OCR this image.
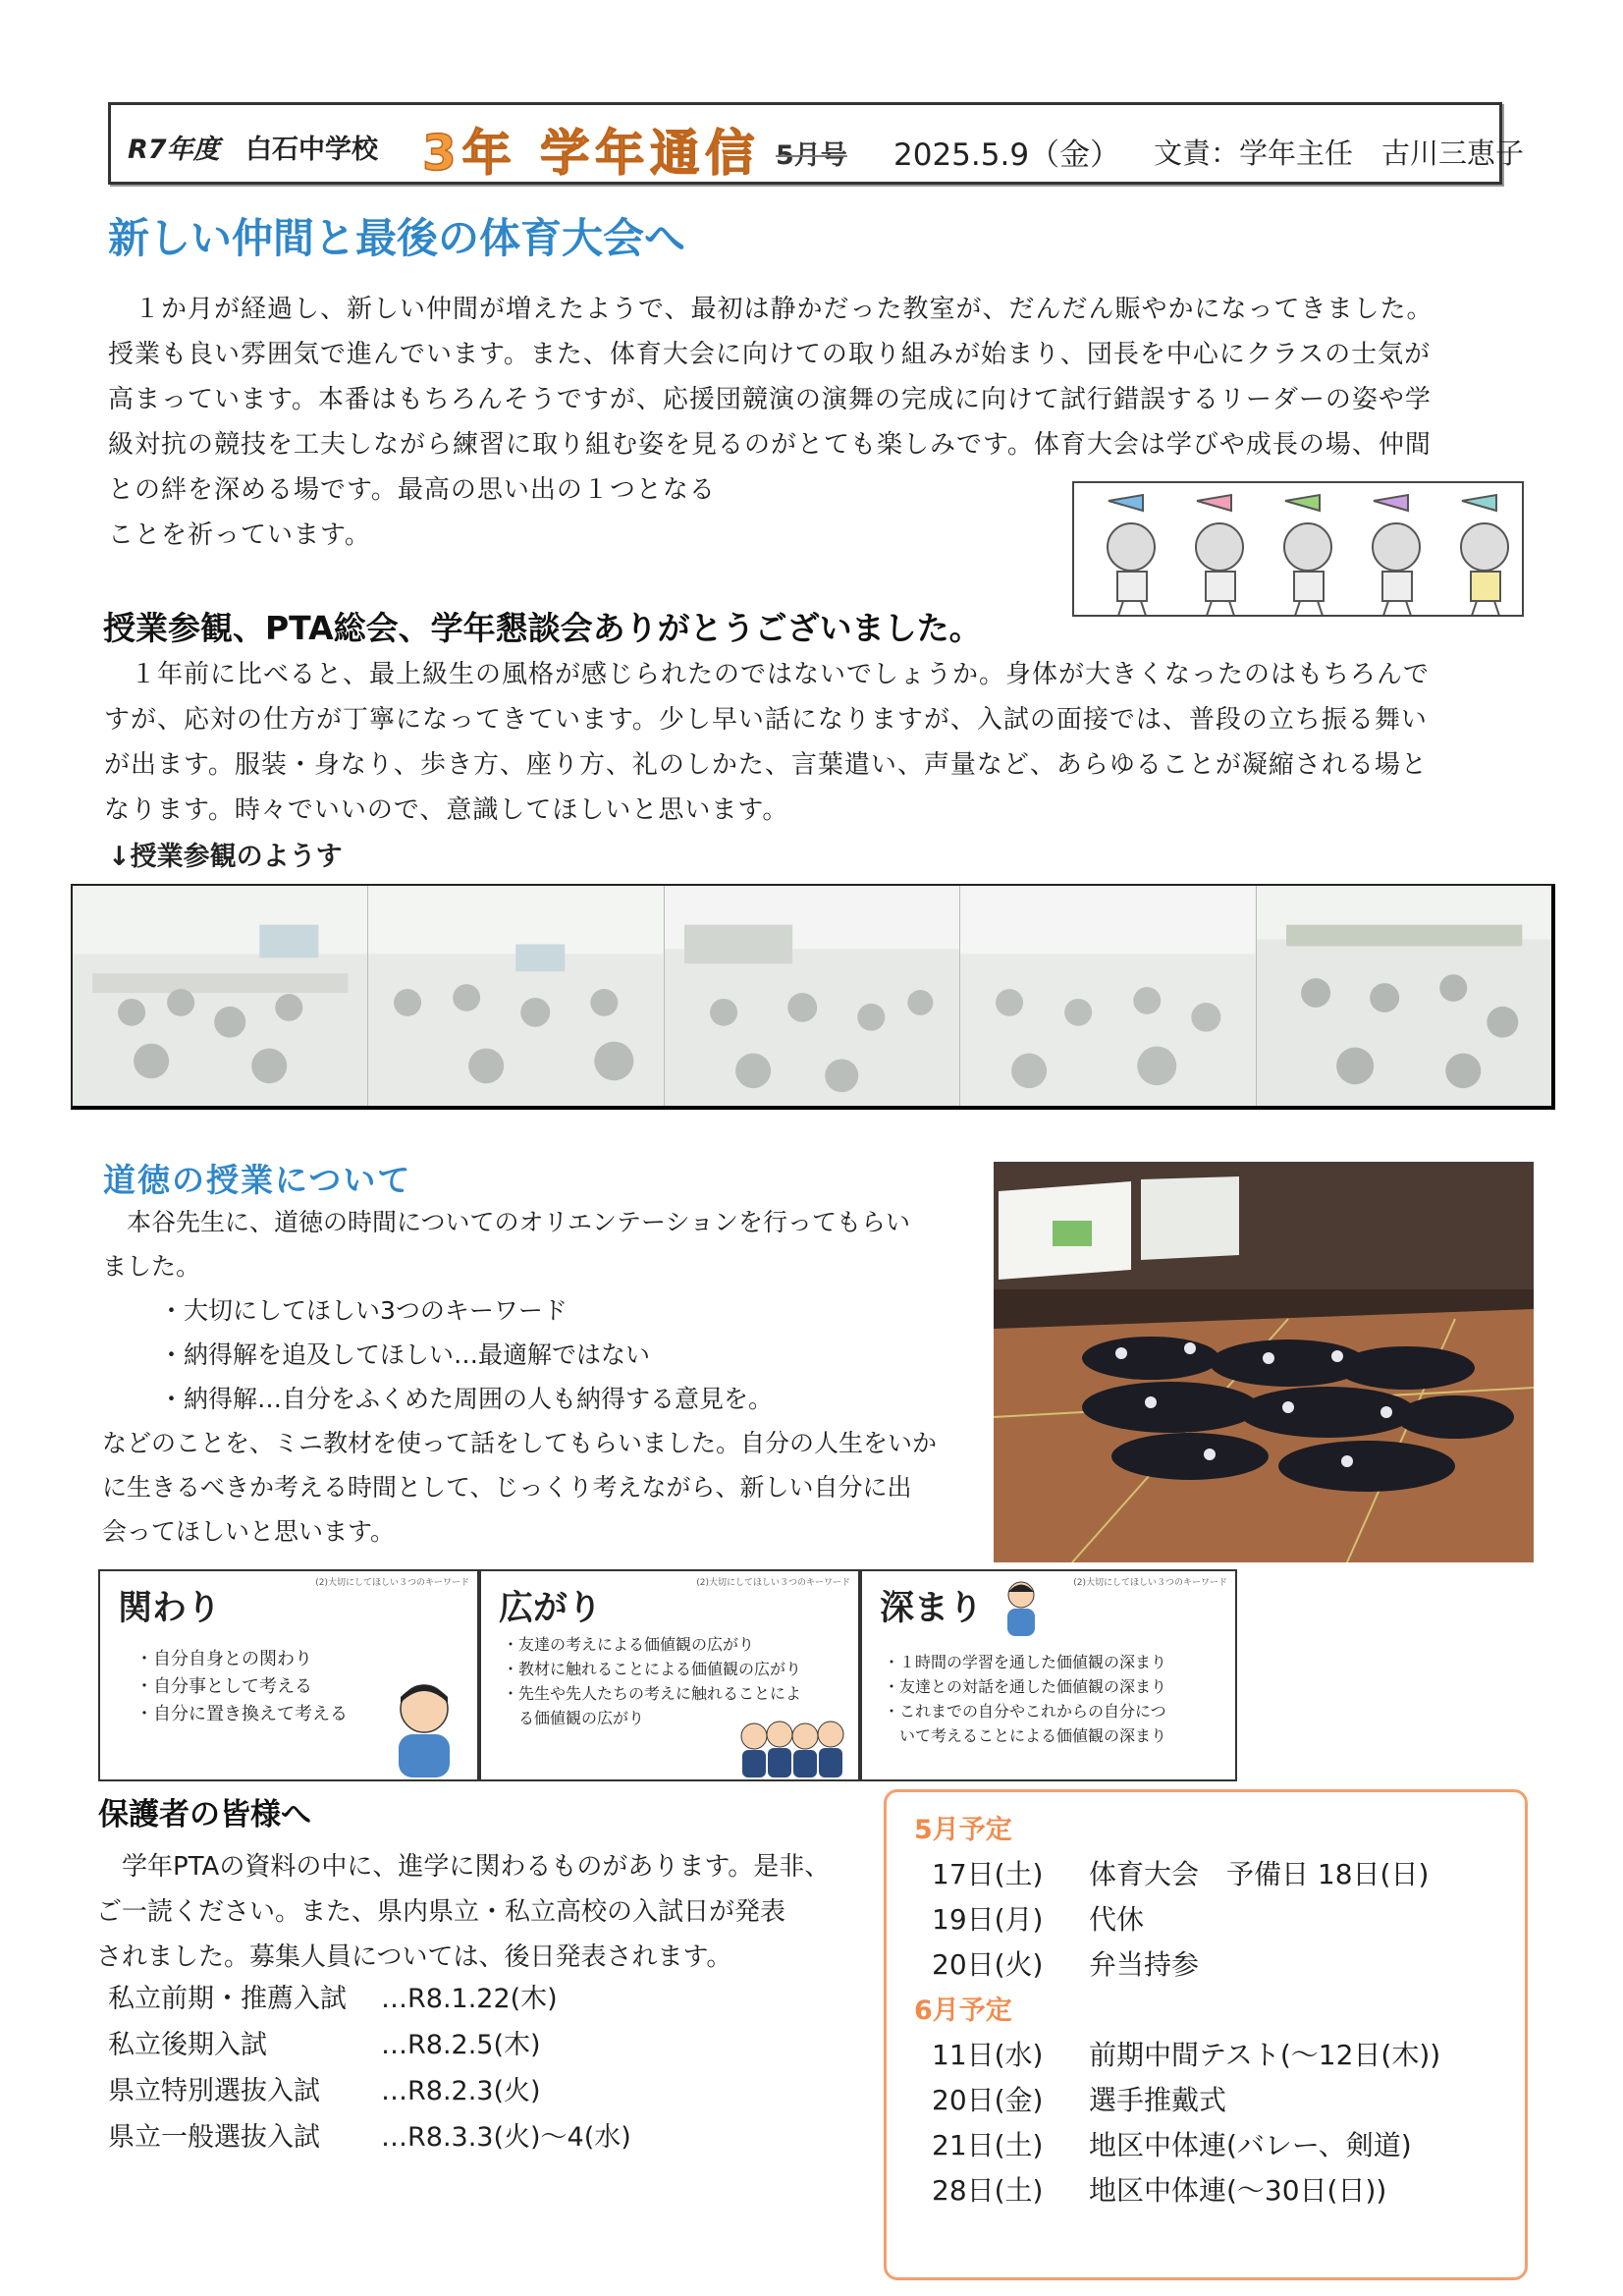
R7年度 白石中学校 3年 学年通信 5月号 2025.5.9（金） 文責：学年主任　古川三恵子
新しい仲間と最後の体育大会へ

　１か月が経過し、新しい仲間が増えたようで、最初は静かだった教室が、だんだん賑やかになってきました。

授業も良い雰囲気で進んでいます。また、体育大会に向けての取り組みが始まり、団長を中心にクラスの士気が

高まっています。本番はもちろんそうですが、応援団競演の演舞の完成に向けて試行錯誤するリーダーの姿や学

級対抗の競技を工夫しながら練習に取り組む姿を見るのがとても楽しみです。体育大会は学びや成長の場、仲間

との絆を深める場です。最高の思い出の１つとなる

ことを祈っています。

授業参観、PTA総会、学年懇談会ありがとうございました。

　１年前に比べると、最上級生の風格が感じられたのではないでしょうか。身体が大きくなったのはもちろんで

すが、応対の仕方が丁寧になってきています。少し早い話になりますが、入試の面接では、普段の立ち振る舞い

が出ます。服装・身なり、歩き方、座り方、礼のしかた、言葉遣い、声量など、あらゆることが凝縮される場と

なります。時々でいいので、意識してほしいと思います。

↓授業参観のようす
道徳の授業について

　本谷先生に、道徳の時間についてのオリエンテーションを行ってもらい

ました。

・大切にしてほしい3つのキーワード

・納得解を追及してほしい…最適解ではない

・納得解…自分をふくめた周囲の人も納得する意見を。

などのことを、ミニ教材を使って話をしてもらいました。自分の人生をいか

に生きるべきか考える時間として、じっくり考えながら、新しい自分に出

会ってほしいと思います。

関わり
(2)大切にしてほしい３つのキーワード
・自分自身との関わり
・自分事として考える
・自分に置き換えて考える
広がり
(2)大切にしてほしい３つのキーワード
・友達の考えによる価値観の広がり
・教材に触れることによる価値観の広がり
・先生や先人たちの考えに触れることによ
　る価値観の広がり
深まり
(2)大切にしてほしい３つのキーワード
・１時間の学習を通した価値観の深まり
・友達との対話を通した価値観の深まり
・これまでの自分やこれからの自分につ
　いて考えることによる価値観の深まり
保護者の皆様へ

　学年PTAの資料の中に、進学に関わるものがあります。是非、

ご一読ください。また、県内県立・私立高校の入試日が発表

されました。募集人員については、後日発表されます。

私立前期・推薦入試	…R8.1.22(木)
私立後期入試　　	…R8.2.5(木)
県立特別選抜入試	…R8.2.3(火)
県立一般選抜入試	…R8.3.3(火)～4(水)
5月予定
17日(土)	体育大会　予備日 18日(日)
19日(月)	代休
20日(火)	弁当持参
6月予定
11日(水)	前期中間テスト(～12日(木))
20日(金)	選手推戴式
21日(土)	地区中体連(バレー、剣道)
28日(土)	地区中体連(～30日(日))
